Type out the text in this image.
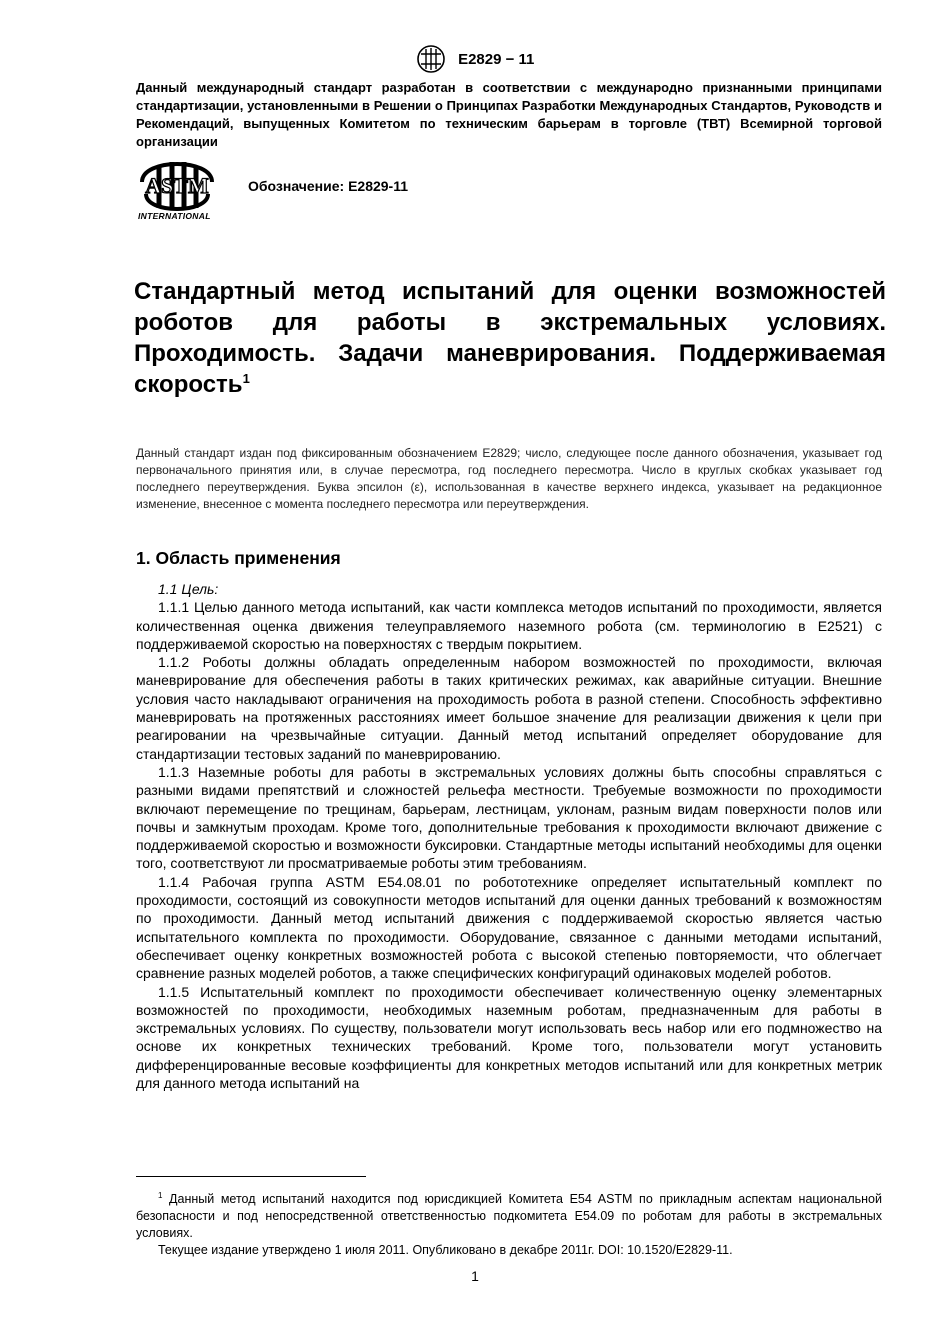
E2829 − 11
Данный международный стандарт разработан в соответствии с международно признанными принципами стандартизации, установленными в Решении о Принципах Разработки Международных Стандартов, Руководств и Рекомендаций, выпущенных Комитетом по техническим барьерам в торговле (ТВТ) Всемирной торговой организации
ASTM
INTERNATIONAL
Обозначение: E2829-11
Стандартный метод испытаний для оценки возможностей роботов для работы в экстремальных условиях. Проходимость. Задачи маневрирования. Поддерживаемая скорость$^1$
Данный стандарт издан под фиксированным обозначением E2829; число, следующее после данного обозначения, указывает год первоначального принятия или, в случае пересмотра, год последнего пересмотра. Число в круглых скобках указывает год последнего переутверждения. Буква эпсилон (ε), использованная в качестве верхнего индекса, указывает на редакционное изменение, внесенное с момента последнего пересмотра или переутверждения.
1. Область применения

1.1 Цель:

1.1.1 Целью данного метода испытаний, как части комплекса методов испытаний по проходимости, является количественная оценка движения телеуправляемого наземного робота (см. терминологию в E2521) с поддерживаемой скоростью на поверхностях с твердым покрытием.

1.1.2 Роботы должны обладать определенным набором возможностей по проходимости, включая маневрирование для обеспечения работы в таких критических режимах, как аварийные ситуации. Внешние условия часто накладывают ограничения на проходимость робота в разной степени. Способность эффективно маневрировать на протяженных расстояниях имеет большое значение для реализации движения к цели при реагировании на чрезвычайные ситуации. Данный метод испытаний определяет оборудование для стандартизации тестовых заданий по маневрированию.

1.1.3 Наземные роботы для работы в экстремальных условиях должны быть способны справляться с разными видами препятствий и сложностей рельефа местности. Требуемые возможности по проходимости включают перемещение по трещинам, барьерам, лестницам, уклонам, разным видам поверхности полов или почвы и замкнутым проходам. Кроме того, дополнительные требования к проходимости включают движение с поддерживаемой скоростью и возможности буксировки. Стандартные методы испытаний необходимы для оценки того, соответствуют ли просматриваемые роботы этим требованиям.

1.1.4 Рабочая группа ASTM E54.08.01 по робототехнике определяет испытательный комплект по проходимости, состоящий из совокупности методов испытаний для оценки данных требований к возможностям по проходимости. Данный метод испытаний движения с поддерживаемой скоростью является частью испытательного комплекта по проходимости. Оборудование, связанное с данными методами испытаний, обеспечивает оценку конкретных возможностей робота с высокой степенью повторяемости, что облегчает сравнение разных моделей роботов, а также специфических конфигураций одинаковых моделей роботов.

1.1.5 Испытательный комплект по проходимости обеспечивает количественную оценку элементарных возможностей по проходимости, необходимых наземным роботам, предназначенным для работы в экстремальных условиях. По существу, пользователи могут использовать весь набор или его подмножество на основе их конкретных технических требований. Кроме того, пользователи могут установить дифференцированные весовые коэффициенты для конкретных методов испытаний или для конкретных метрик для данного метода испытаний на

$^1$ Данный метод испытаний находится под юрисдикцией Комитета E54 ASTM по прикладным аспектам национальной безопасности и под непосредственной ответственностью подкомитета E54.09 по роботам для работы в экстремальных условиях.

Текущее издание утверждено 1 июля 2011. Опубликовано в декабре 2011г. DOI: 10.1520/E2829-11.

1
